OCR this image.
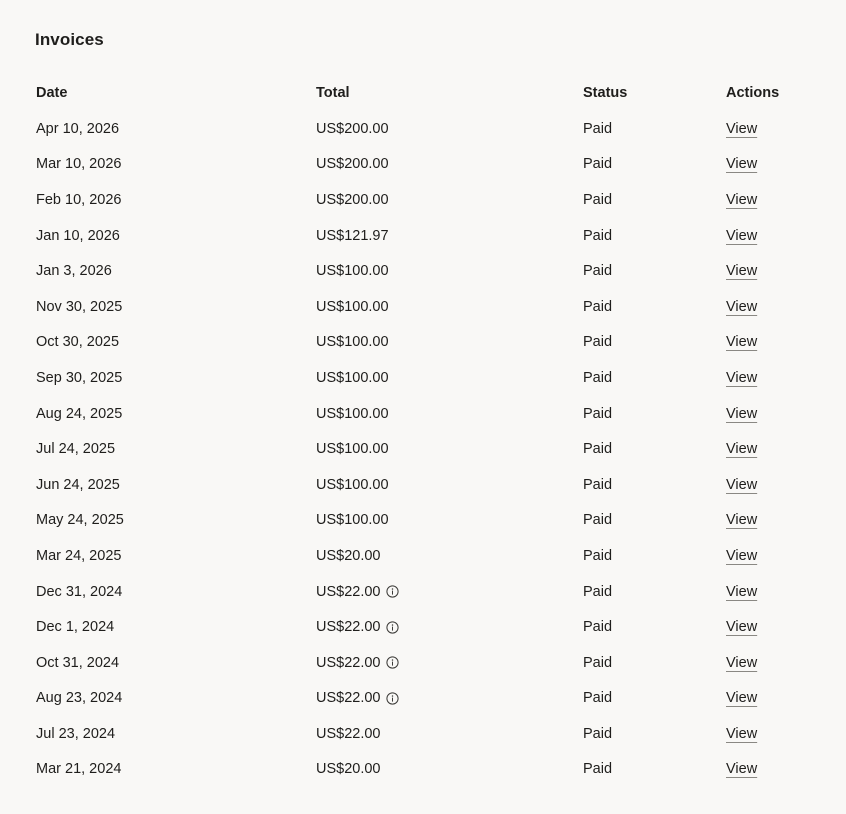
Invoices
Date	Total	Status	Actions
Apr 10, 2026	US$200.00	Paid	View
Mar 10, 2026	US$200.00	Paid	View
Feb 10, 2026	US$200.00	Paid	View
Jan 10, 2026	US$121.97	Paid	View
Jan 3, 2026	US$100.00	Paid	View
Nov 30, 2025	US$100.00	Paid	View
Oct 30, 2025	US$100.00	Paid	View
Sep 30, 2025	US$100.00	Paid	View
Aug 24, 2025	US$100.00	Paid	View
Jul 24, 2025	US$100.00	Paid	View
Jun 24, 2025	US$100.00	Paid	View
May 24, 2025	US$100.00	Paid	View
Mar 24, 2025	US$20.00	Paid	View
Dec 31, 2024	US$22.00	Paid	View
Dec 1, 2024	US$22.00	Paid	View
Oct 31, 2024	US$22.00	Paid	View
Aug 23, 2024	US$22.00	Paid	View
Jul 23, 2024	US$22.00	Paid	View
Mar 21, 2024	US$20.00	Paid	View
